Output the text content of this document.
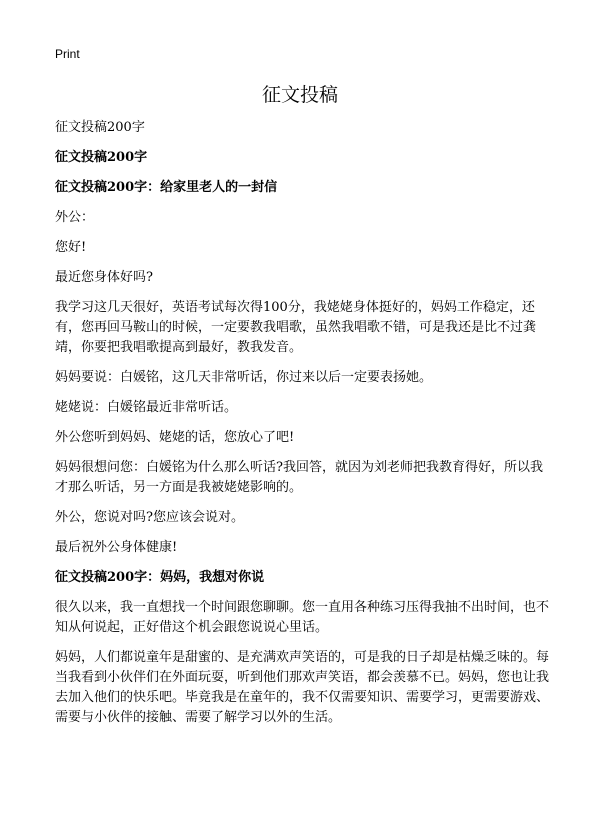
Print
征文投稿

征文投稿200字

征文投稿200字

征文投稿200字：给家里老人的一封信

外公：

您好!

最近您身体好吗?

我学习这几天很好，英语考试每次得100分，我姥姥身体挺好的，妈妈工作稳定，还有，您再回马鞍山的时候，一定要教我唱歌，虽然我唱歌不错，可是我还是比不过龚靖，你要把我唱歌提高到最好，教我发音。

妈妈要说：白媛铭，这几天非常听话，你过来以后一定要表扬她。

姥姥说：白媛铭最近非常听话。

外公您听到妈妈、姥姥的话，您放心了吧!

妈妈很想问您：白媛铭为什么那么听话?我回答，就因为刘老师把我教育得好，所以我才那么听话，另一方面是我被姥姥影响的。

外公，您说对吗?您应该会说对。

最后祝外公身体健康!

征文投稿200字：妈妈，我想对你说

很久以来，我一直想找一个时间跟您聊聊。您一直用各种练习压得我抽不出时间，也不知从何说起，正好借这个机会跟您说说心里话。

妈妈，人们都说童年是甜蜜的、是充满欢声笑语的，可是我的日子却是枯燥乏味的。每当我看到小伙伴们在外面玩耍，听到他们那欢声笑语，都会羡慕不已。妈妈，您也让我去加入他们的快乐吧。毕竟我是在童年的，我不仅需要知识、需要学习，更需要游戏、需要与小伙伴的接触、需要了解学习以外的生活。
